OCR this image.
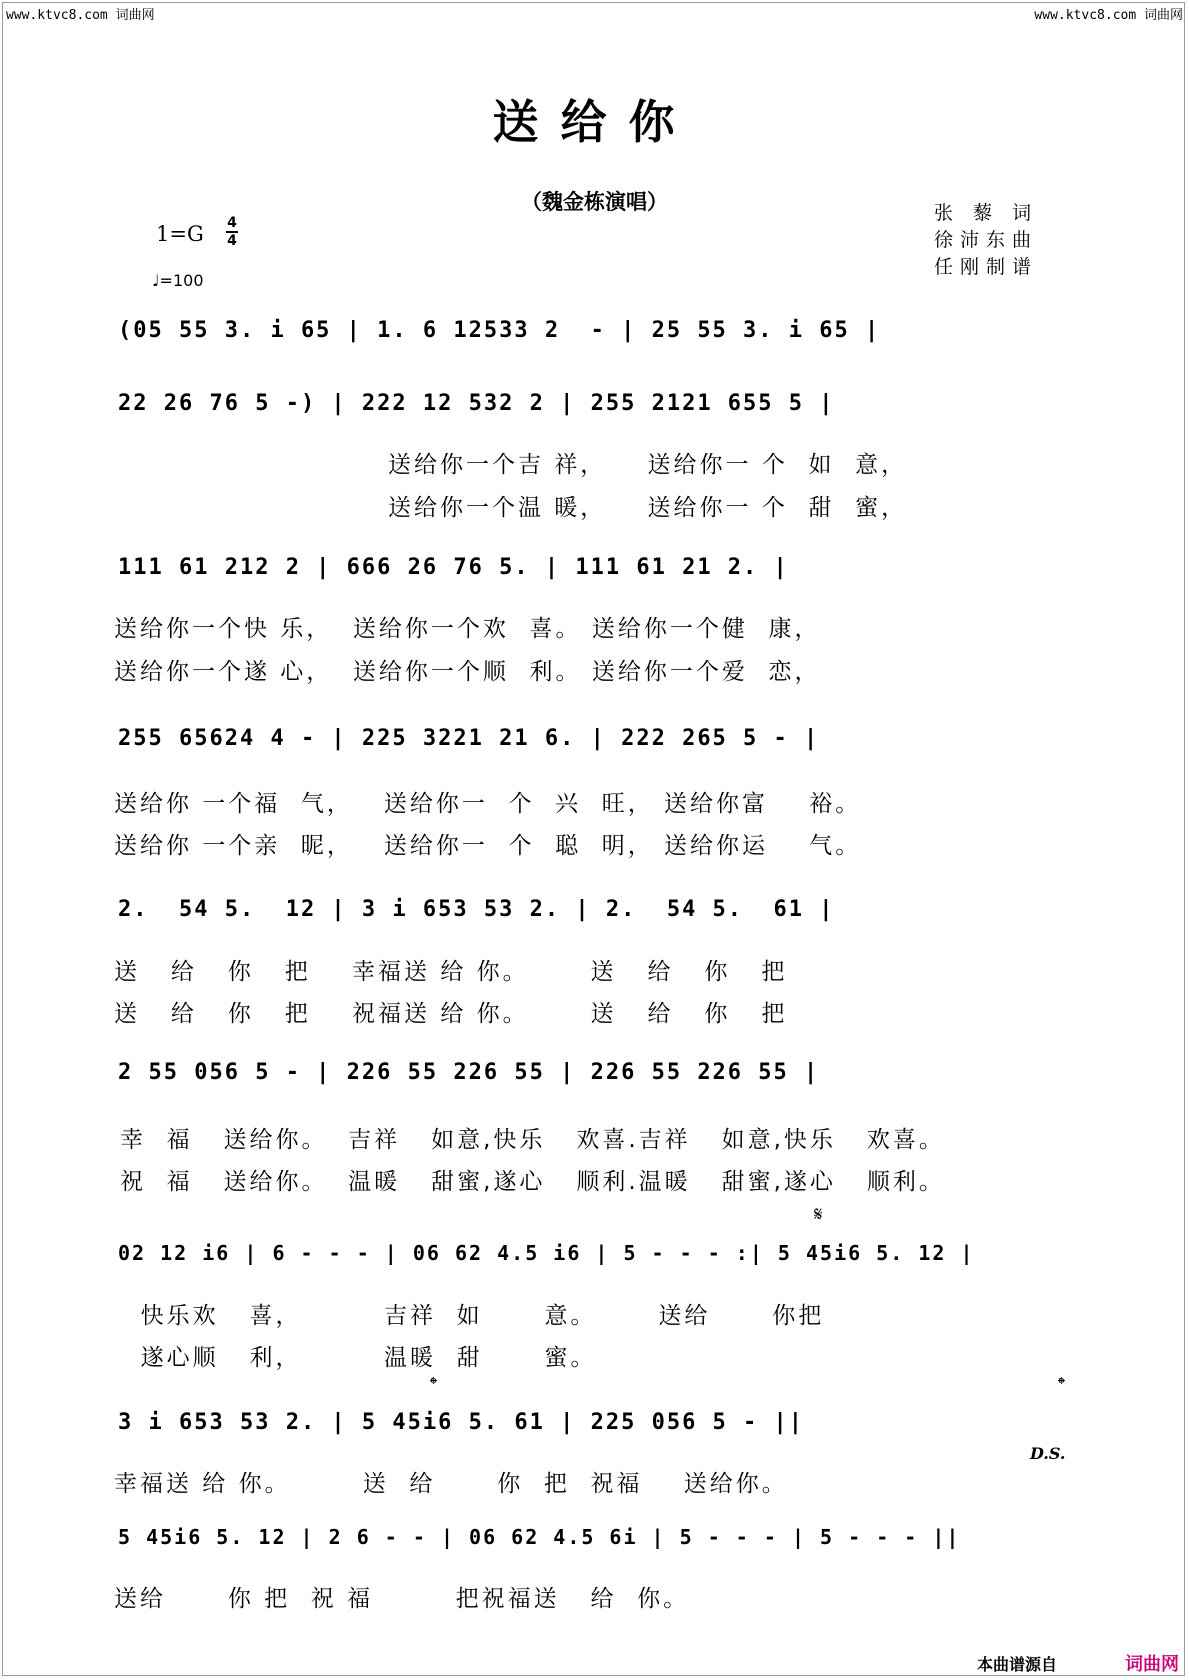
www.ktvc8.com 词曲网	www.ktvc8.com 词曲网
送给你
（魏金栋演唱）	张 藜 词
徐沛东曲
任刚制谱
1=G 4
4
♩=100
(05 55 3. i 65 | 1. 6 12533 2  - | 25 55 3. i 65 |
22 26 76 5 -) | 222 12 532 2 | 255 2121 655 5 |
送给你一个吉 祥，    送给你一 个  如  意，
送给你一个温 暖，    送给你一 个  甜  蜜，
111 61 212 2 | 666 26 76 5. | 111 61 21 2. |
送给你一个快 乐，  送给你一个欢  喜。 送给你一个健  康，
送给你一个遂 心，  送给你一个顺  利。 送给你一个爱  恋，
255 65624 4 - | 225 3221 21 6. | 222 265 5 - |
送给你 一个福  气，   送给你一  个  兴  旺， 送给你富    裕。
送给你 一个亲  昵，   送给你一  个  聪  明， 送给你运    气。
2.  54 5.  12 | 3 i 653 53 2. | 2.  54 5.  61 |
送   给   你   把    幸福送 给 你。      送   给   你   把
送   给   你   把    祝福送 给 你。      送   给   你   把
2 55 056 5 - | 226 55 226 55 | 226 55 226 55 |
幸  福   送给你。  吉祥   如意,快乐   欢喜.吉祥   如意,快乐   欢喜。
祝  福   送给你。  温暖   甜蜜,遂心   顺利.温暖   甜蜜,遂心   顺利。
02 12 i6 | 6 - - - | 06 62 4.5 i6 | 5 - - - :| 5 45i6 5. 12 |
快乐欢   喜，        吉祥  如      意。      送给      你把
遂心顺   利，        温暖  甜      蜜。
3 i 653 53 2. | 5 45i6 5. 61 | 225 056 5 - ||
幸福送 给 你。       送  给      你  把  祝福    送给你。
5 45i6 5. 12 | 2 6 - - | 06 62 4.5 6i | 5 - - - | 5 - - - ||
送给      你 把  祝 福        把祝福送   给  你。
𝄋
𝄌	𝄌
D.S.
本曲谱源自	词曲网
